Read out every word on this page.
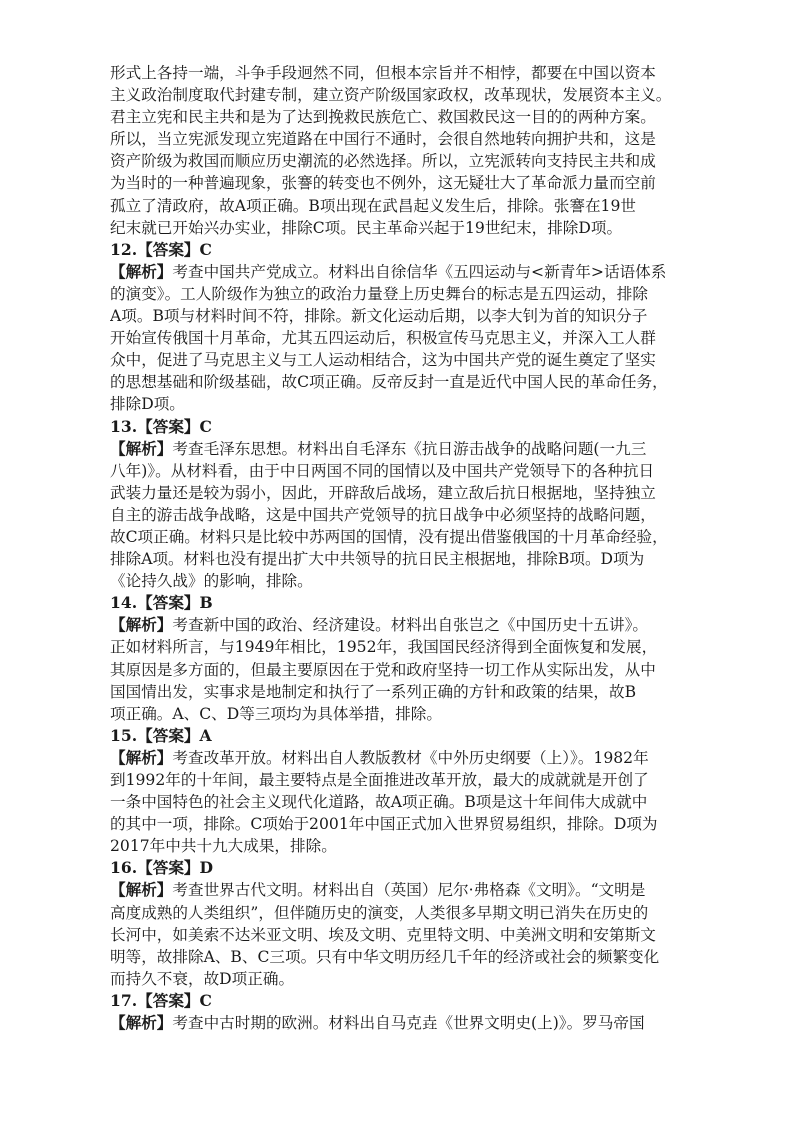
形式上各持一端，斗争手段迥然不同，但根本宗旨并不相悖，都要在中国以资本
主义政治制度取代封建专制，建立资产阶级国家政权，改革现状，发展资本主义。
君主立宪和民主共和是为了达到挽救民族危亡、救国救民这一目的的两种方案。
所以，当立宪派发现立宪道路在中国行不通时，会很自然地转向拥护共和，这是
资产阶级为救国而顺应历史潮流的必然选择。所以，立宪派转向支持民主共和成
为当时的一种普遍现象，张謇的转变也不例外，这无疑壮大了革命派力量而空前
孤立了清政府，故A项正确。B项出现在武昌起义发生后，排除。张謇在19世
纪末就已开始兴办实业，排除C项。民主革命兴起于19世纪末，排除D项。
12.【答案】C
【解析】考查中国共产党成立。材料出自徐信华《五四运动与<新青年>话语体系
的演变》。工人阶级作为独立的政治力量登上历史舞台的标志是五四运动，排除
A项。B项与材料时间不符，排除。新文化运动后期，以李大钊为首的知识分子
开始宣传俄国十月革命，尤其五四运动后，积极宣传马克思主义，并深入工人群
众中，促进了马克思主义与工人运动相结合，这为中国共产党的诞生奠定了坚实
的思想基础和阶级基础，故C项正确。反帝反封一直是近代中国人民的革命任务，
排除D项。
13.【答案】C
【解析】考查毛泽东思想。材料出自毛泽东《抗日游击战争的战略问题(一九三
八年)》。从材料看，由于中日两国不同的国情以及中国共产党领导下的各种抗日
武装力量还是较为弱小，因此，开辟敌后战场，建立敌后抗日根据地，坚持独立
自主的游击战争战略，这是中国共产党领导的抗日战争中必须坚持的战略问题，
故C项正确。材料只是比较中苏两国的国情，没有提出借鉴俄国的十月革命经验，
排除A项。材料也没有提出扩大中共领导的抗日民主根据地，排除B项。D项为
《论持久战》的影响，排除。
14.【答案】B
【解析】考查新中国的政治、经济建设。材料出自张岂之《中国历史十五讲》。
正如材料所言，与1949年相比，1952年，我国国民经济得到全面恢复和发展，
其原因是多方面的，但最主要原因在于党和政府坚持一切工作从实际出发，从中
国国情出发，实事求是地制定和执行了一系列正确的方针和政策的结果，故B
项正确。A、C、D等三项均为具体举措，排除。
15.【答案】A
【解析】考查改革开放。材料出自人教版教材《中外历史纲要（上）》。1982年
到1992年的十年间，最主要特点是全面推进改革开放，最大的成就就是开创了
一条中国特色的社会主义现代化道路，故A项正确。B项是这十年间伟大成就中
的其中一项，排除。C项始于2001年中国正式加入世界贸易组织，排除。D项为
2017年中共十九大成果，排除。
16.【答案】D
【解析】考查世界古代文明。材料出自（英国）尼尔·弗格森《文明》。“文明是
高度成熟的人类组织”，但伴随历史的演变，人类很多早期文明已消失在历史的
长河中，如美索不达米亚文明、埃及文明、克里特文明、中美洲文明和安第斯文
明等，故排除A、B、C三项。只有中华文明历经几千年的经济或社会的频繁变化
而持久不衰，故D项正确。
17.【答案】C
【解析】考查中古时期的欧洲。材料出自马克垚《世界文明史(上)》。罗马帝国
